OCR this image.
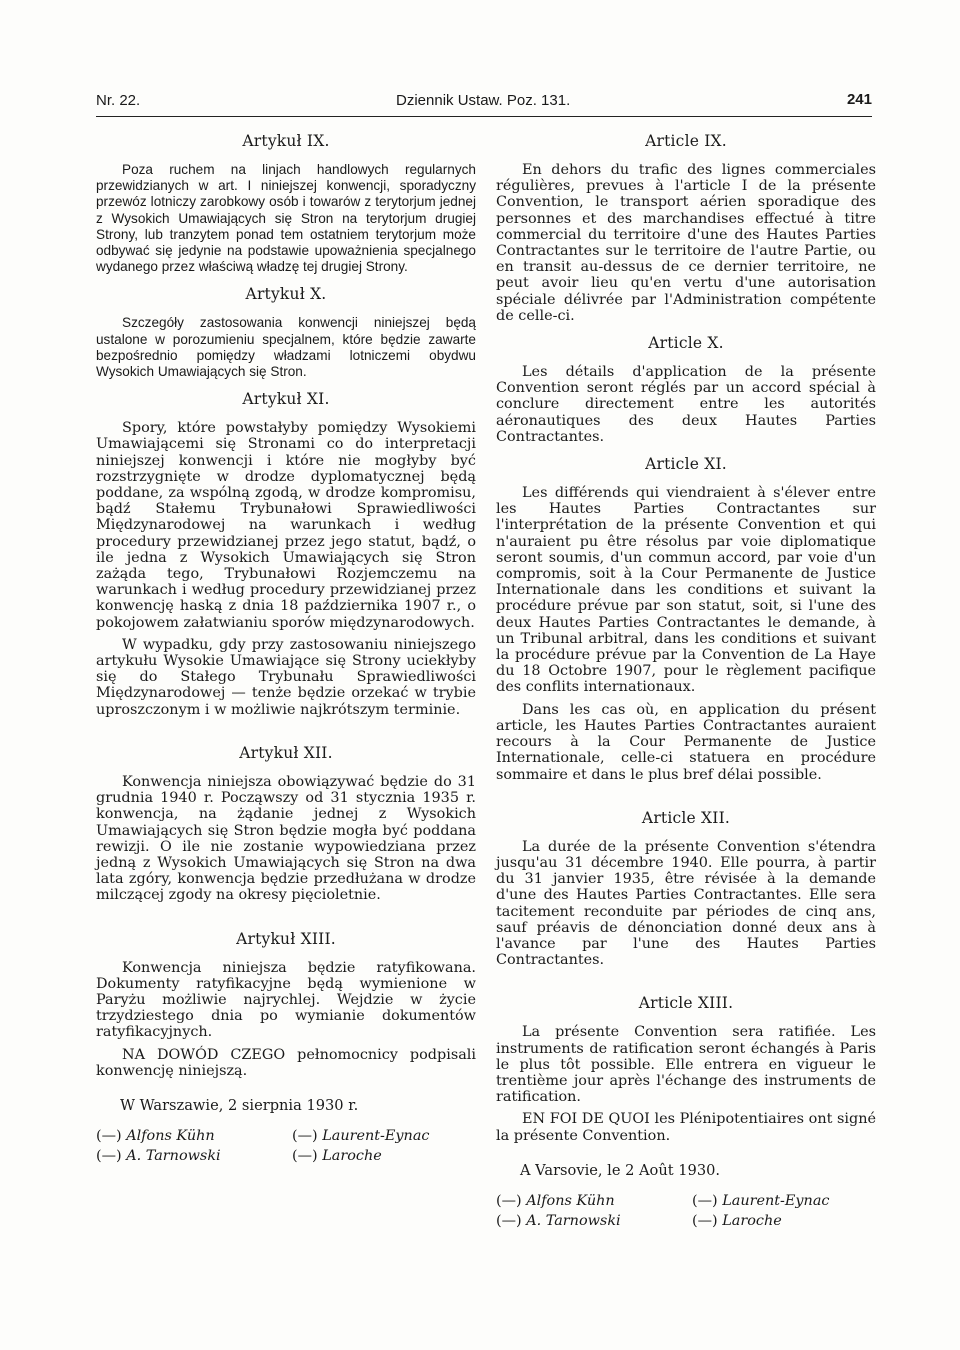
Nr. 22.	Dziennik Ustaw. Poz. 131.	241
Artykuł IX.

Poza ruchem na linjach handlowych regularnych przewidzianych w art. I niniejszej konwencji, sporadyczny przewóz lotniczy zarobkowy osób i towarów z terytorjum jednej z Wysokich Umawiających się Stron na terytorjum drugiej Strony, lub tranzytem ponad tem ostatniem terytorjum może odbywać się jedynie na podstawie upoważnienia specjalnego wydanego przez właściwą władzę tej drugiej Strony.

Artykuł X.

Szczegóły zastosowania konwencji niniejszej będą ustalone w porozumieniu specjalnem, które będzie zawarte bezpośrednio pomiędzy władzami lotniczemi obydwu Wysokich Umawiających się Stron.

Artykuł XI.

Spory, które powstałyby pomiędzy Wysokiemi Umawiającemi się Stronami co do interpretacji niniejszej konwencji i które nie mogłyby być rozstrzygnięte w drodze dyplomatycznej będą poddane, za wspólną zgodą, w drodze kompromisu, bądź Stałemu Trybunałowi Sprawiedliwości Międzynarodowej na warunkach i według procedury przewidzianej przez jego statut, bądź, o ile jedna z Wysokich Umawiających się Stron zażąda tego, Trybunałowi Rozjemczemu na warunkach i według procedury przewidzianej przez konwencję haską z dnia 18 października 1907 r., o pokojowem załatwianiu sporów międzynarodowych.

W wypadku, gdy przy zastosowaniu niniejszego artykułu Wysokie Umawiające się Strony uciekłyby się do Stałego Trybunału Sprawiedliwości Międzynarodowej — tenże będzie orzekać w trybie uproszczonym i w możliwie najkrótszym terminie.

Artykuł XII.

Konwencja niniejsza obowiązywać będzie do 31 grudnia 1940 r. Począwszy od 31 stycznia 1935 r. konwencja, na żądanie jednej z Wysokich Umawiających się Stron będzie mogła być poddana rewizji. O ile nie zostanie wypowiedziana przez jedną z Wysokich Umawiających się Stron na dwa lata zgóry, konwencja będzie przedłużana w drodze milczącej zgody na okresy pięcioletnie.

Artykuł XIII.

Konwencja niniejsza będzie ratyfikowana. Dokumenty ratyfikacyjne będą wymienione w Paryżu możliwie najrychlej. Wejdzie w życie trzydziestego dnia po wymianie dokumentów ratyfikacyjnych.

NA DOWÓD CZEGO pełnomocnicy podpisali konwencję niniejszą.

W Warszawie, 2 sierpnia 1930 r.
(—) Alfons Kühn	(—) Laurent-Eynac
(—) A. Tarnowski	(—) Laroche
Article IX.

En dehors du trafic des lignes commerciales régulières, prevues à l'article I de la présente Convention, le transport aérien sporadique des personnes et des marchandises effectué à titre commercial du territoire d'une des Hautes Parties Contractantes sur le territoire de l'autre Partie, ou en transit au-dessus de ce dernier territoire, ne peut avoir lieu qu'en vertu d'une autorisation spéciale délivrée par l'Administration compétente de celle-ci.

Article X.

Les détails d'application de la présente Convention seront réglés par un accord spécial à conclure directement entre les autorités aéronautiques des deux Hautes Parties Contractantes.

Article XI.

Les différends qui viendraient à s'élever entre les Hautes Parties Contractantes sur l'interprétation de la présente Convention et qui n'auraient pu être résolus par voie diplomatique seront soumis, d'un commun accord, par voie d'un compromis, soit à la Cour Permanente de Justice Internationale dans les conditions et suivant la procédure prévue par son statut, soit, si l'une des deux Hautes Parties Contractantes le demande, à un Tribunal arbitral, dans les conditions et suivant la procédure prévue par la Convention de La Haye du 18 Octobre 1907, pour le règlement pacifique des conflits internationaux.

Dans les cas où, en application du présent article, les Hautes Parties Contractantes auraient recours à la Cour Permanente de Justice Internationale, celle-ci statuera en procédure sommaire et dans le plus bref délai possible.

Article XII.

La durée de la présente Convention s'étendra jusqu'au 31 décembre 1940. Elle pourra, à partir du 31 janvier 1935, être révisée à la demande d'une des Hautes Parties Contractantes. Elle sera tacitement reconduite par périodes de cinq ans, sauf préavis de dénonciation donné deux ans à l'avance par l'une des Hautes Parties Contractantes.

Article XIII.

La présente Convention sera ratifiée. Les instruments de ratification seront échangés à Paris le plus tôt possible. Elle entrera en vigueur le trentième jour après l'échange des instruments de ratification.

EN FOI DE QUOI les Plénipotentiaires ont signé la présente Convention.

A Varsovie, le 2 Août 1930.
(—) Alfons Kühn	(—) Laurent-Eynac
(—) A. Tarnowski	(—) Laroche
